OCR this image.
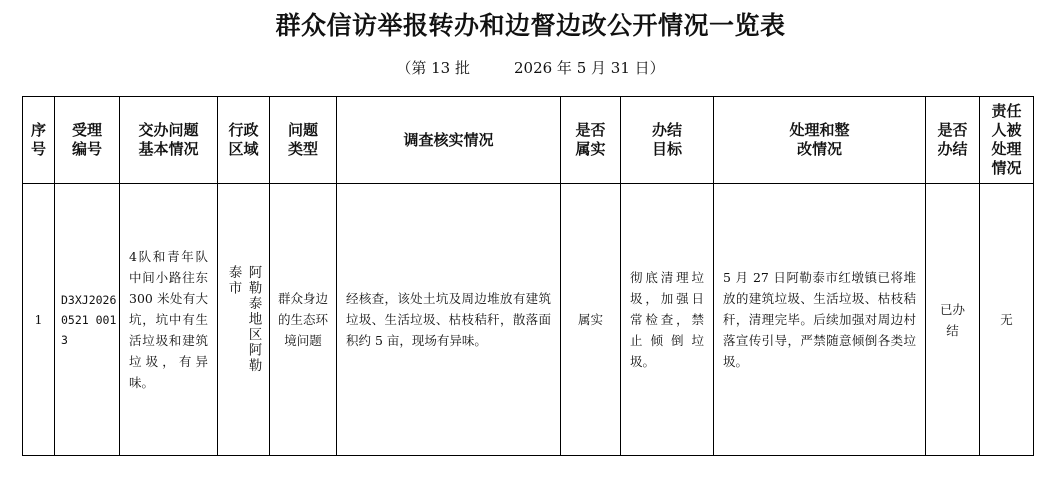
群众信访举报转办和边督边改公开情况一览表
（第 13 批	2026 年 5 月 31 日）
序号	受理编号	交办问题基本情况	行政区域	问题类型	调查核实情况	是否属实	办结目标	处理和整改情况	是否办结	责任人被处理情况

1	D3XJ20260521 0013	4队和青年队中间小路往东 300 米处有大坑，坑中有生活垃圾和建筑垃圾，有异味。	阿勒泰地区阿勒泰市	群众身边的生态环境问题	经核查，该处土坑及周边堆放有建筑垃圾、生活垃圾、枯枝秸秆，散落面积约 5 亩，现场有异味。	属实	彻底清理垃圾，加强日常检查，禁止倾倒垃圾。	5 月 27 日阿勒泰市红墩镇已将堆放的建筑垃圾、生活垃圾、枯枝秸秆，清理完毕。后续加强对周边村落宣传引导，严禁随意倾倒各类垃圾。	已办结	无
